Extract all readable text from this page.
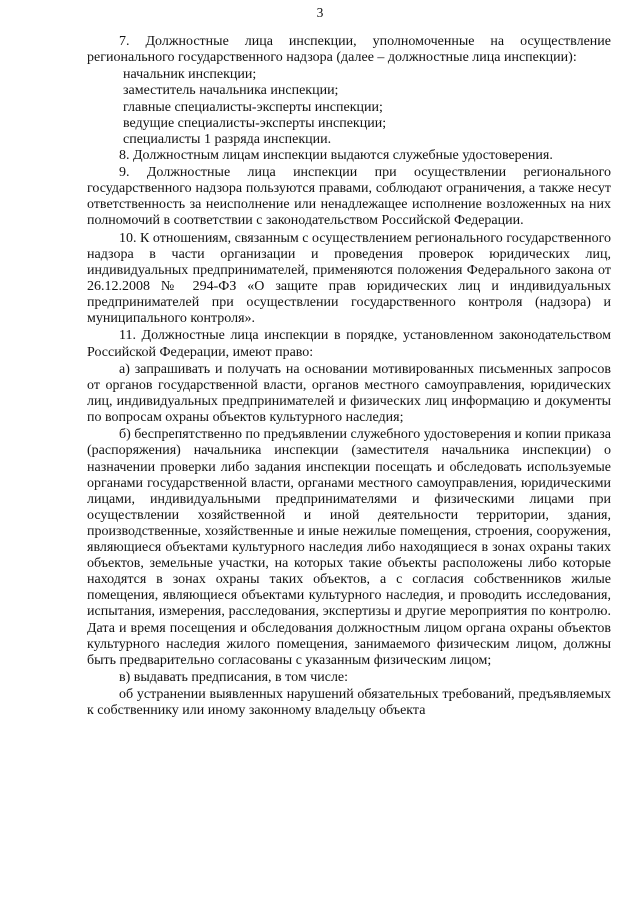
3

7. Должностные лица инспекции, уполномоченные на осуществление регионального государственного надзора (далее – должностные лица инспекции):

начальник инспекции;
заместитель начальника инспекции;
главные специалисты-эксперты инспекции;
ведущие специалисты-эксперты инспекции;
специалисты 1 разряда инспекции.

8. Должностным лицам инспекции выдаются служебные удостоверения.

9. Должностные лица инспекции при осуществлении регионального государственного надзора пользуются правами, соблюдают ограничения, а также несут ответственность за неисполнение или ненадлежащее исполнение возложенных на них полномочий в соответствии с законодательством Российской Федерации.

10. К отношениям, связанным с осуществлением регионального государственного надзора в части организации и проведения проверок юридических лиц, индивидуальных предпринимателей, применяются положения Федерального закона от 26.12.2008 № 294-ФЗ «О защите прав юридических лиц и индивидуальных предпринимателей при осуществлении государственного контроля (надзора) и муниципального контроля».

11. Должностные лица инспекции в порядке, установленном законодательством Российской Федерации, имеют право:

а) запрашивать и получать на основании мотивированных письменных запросов от органов государственной власти, органов местного самоуправления, юридических лиц, индивидуальных предпринимателей и физических лиц информацию и документы по вопросам охраны объектов культурного наследия;

б) беспрепятственно по предъявлении служебного удостоверения и копии приказа (распоряжения) начальника инспекции (заместителя начальника инспекции) о назначении проверки либо задания инспекции посещать и обследовать используемые органами государственной власти, органами местного самоуправления, юридическими лицами, индивидуальными предпринимателями и физическими лицами при осуществлении хозяйственной и иной деятельности территории, здания, производственные, хозяйственные и иные нежилые помещения, строения, сооружения, являющиеся объектами культурного наследия либо находящиеся в зонах охраны таких объектов, земельные участки, на которых такие объекты расположены либо которые находятся в зонах охраны таких объектов, а с согласия собственников жилые помещения, являющиеся объектами культурного наследия, и проводить исследования, испытания, измерения, расследования, экспертизы и другие мероприятия по контролю. Дата и время посещения и обследования должностным лицом органа охраны объектов культурного наследия жилого помещения, занимаемого физическим лицом, должны быть предварительно согласованы с указанным физическим лицом;

в) выдавать предписания, в том числе:

об устранении выявленных нарушений обязательных требований, предъявляемых к собственнику или иному законному владельцу объекта
